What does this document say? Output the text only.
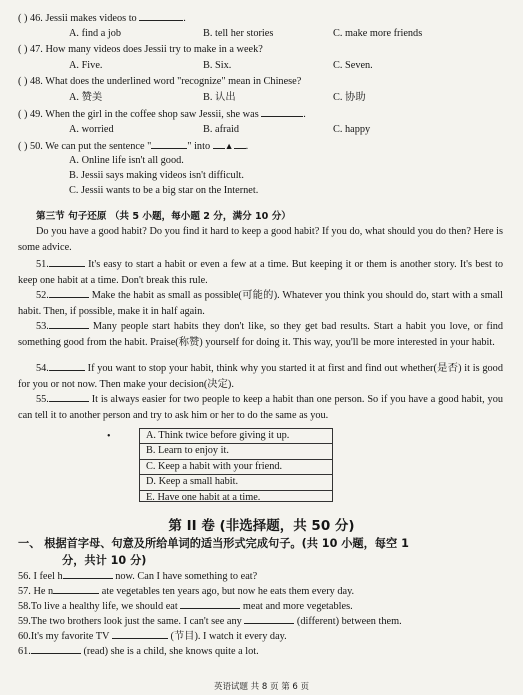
( ) 46. Jessii makes videos to	.
A. find a job	B. tell her stories	C. make more friends
( ) 47. How many videos does Jessii try to make in a week?
A. Five.	B. Six.	C. Seven.
( ) 48. What does the underlined word "recognize" mean in Chinese?
A. 赞美	B. 认出	C. 协助
( ) 49. When the girl in the coffee shop saw Jessii, she was	.
A. worried	B. afraid	C. happy
( ) 50. We can put the sentence "	" into ▲ .
A. Online life isn't all good.
B. Jessii says making videos isn't difficult.
C. Jessii wants to be a big star on the Internet.
第三节 句子还原 （共 5 小题，每小题 2 分，满分 10 分）
Do you have a good habit? Do you find it hard to keep a good habit? If you do, what should you do then? Here is some advice.
51.	It's easy to start a habit or even a few at a time. But keeping it or them is another story. It's best to keep one habit at a time. Don't break this rule.
52.	Make the habit as small as possible(可能的). Whatever you think you should do, start with a small habit. Then, if possible, make it in half again.
53.	Many people start habits they don't like, so they get bad results. Start a habit you love, or find something good from the habit. Praise(称赞) yourself for doing it. This way, you'll be more interested in your habit.
54.	If you want to stop your habit, think why you started it at first and find out whether(是否) it is good for you or not now. Then make your decision(决定).
55.	It is always easier for two people to keep a habit than one person. So if you have a good habit, you can tell it to another person and try to ask him or her to do the same as you.
•	A. Think twice before giving it up.
B. Learn to enjoy it.
C. Keep a habit with your friend.
D. Keep a small habit.
E. Have one habit at a time.
第 II 卷 (非选择题，共 50 分)
一、 根据首字母、句意及所给单词的适当形式完成句子。(共 10 小题，每空 1
分，共计 10 分)
56. I feel h	now. Can I have something to eat?
57. He n	ate vegetables ten years ago, but now he eats them every day.
58.To live a healthy life, we should eat	meat and more vegetables.
59.The two brothers look just the same. I can't see any	(different) between them.
60.It's my favorite TV	(节目). I watch it every day.
61.	(read) she is a child, she knows quite a lot.
英语试题 共 8 页 第 6 页
